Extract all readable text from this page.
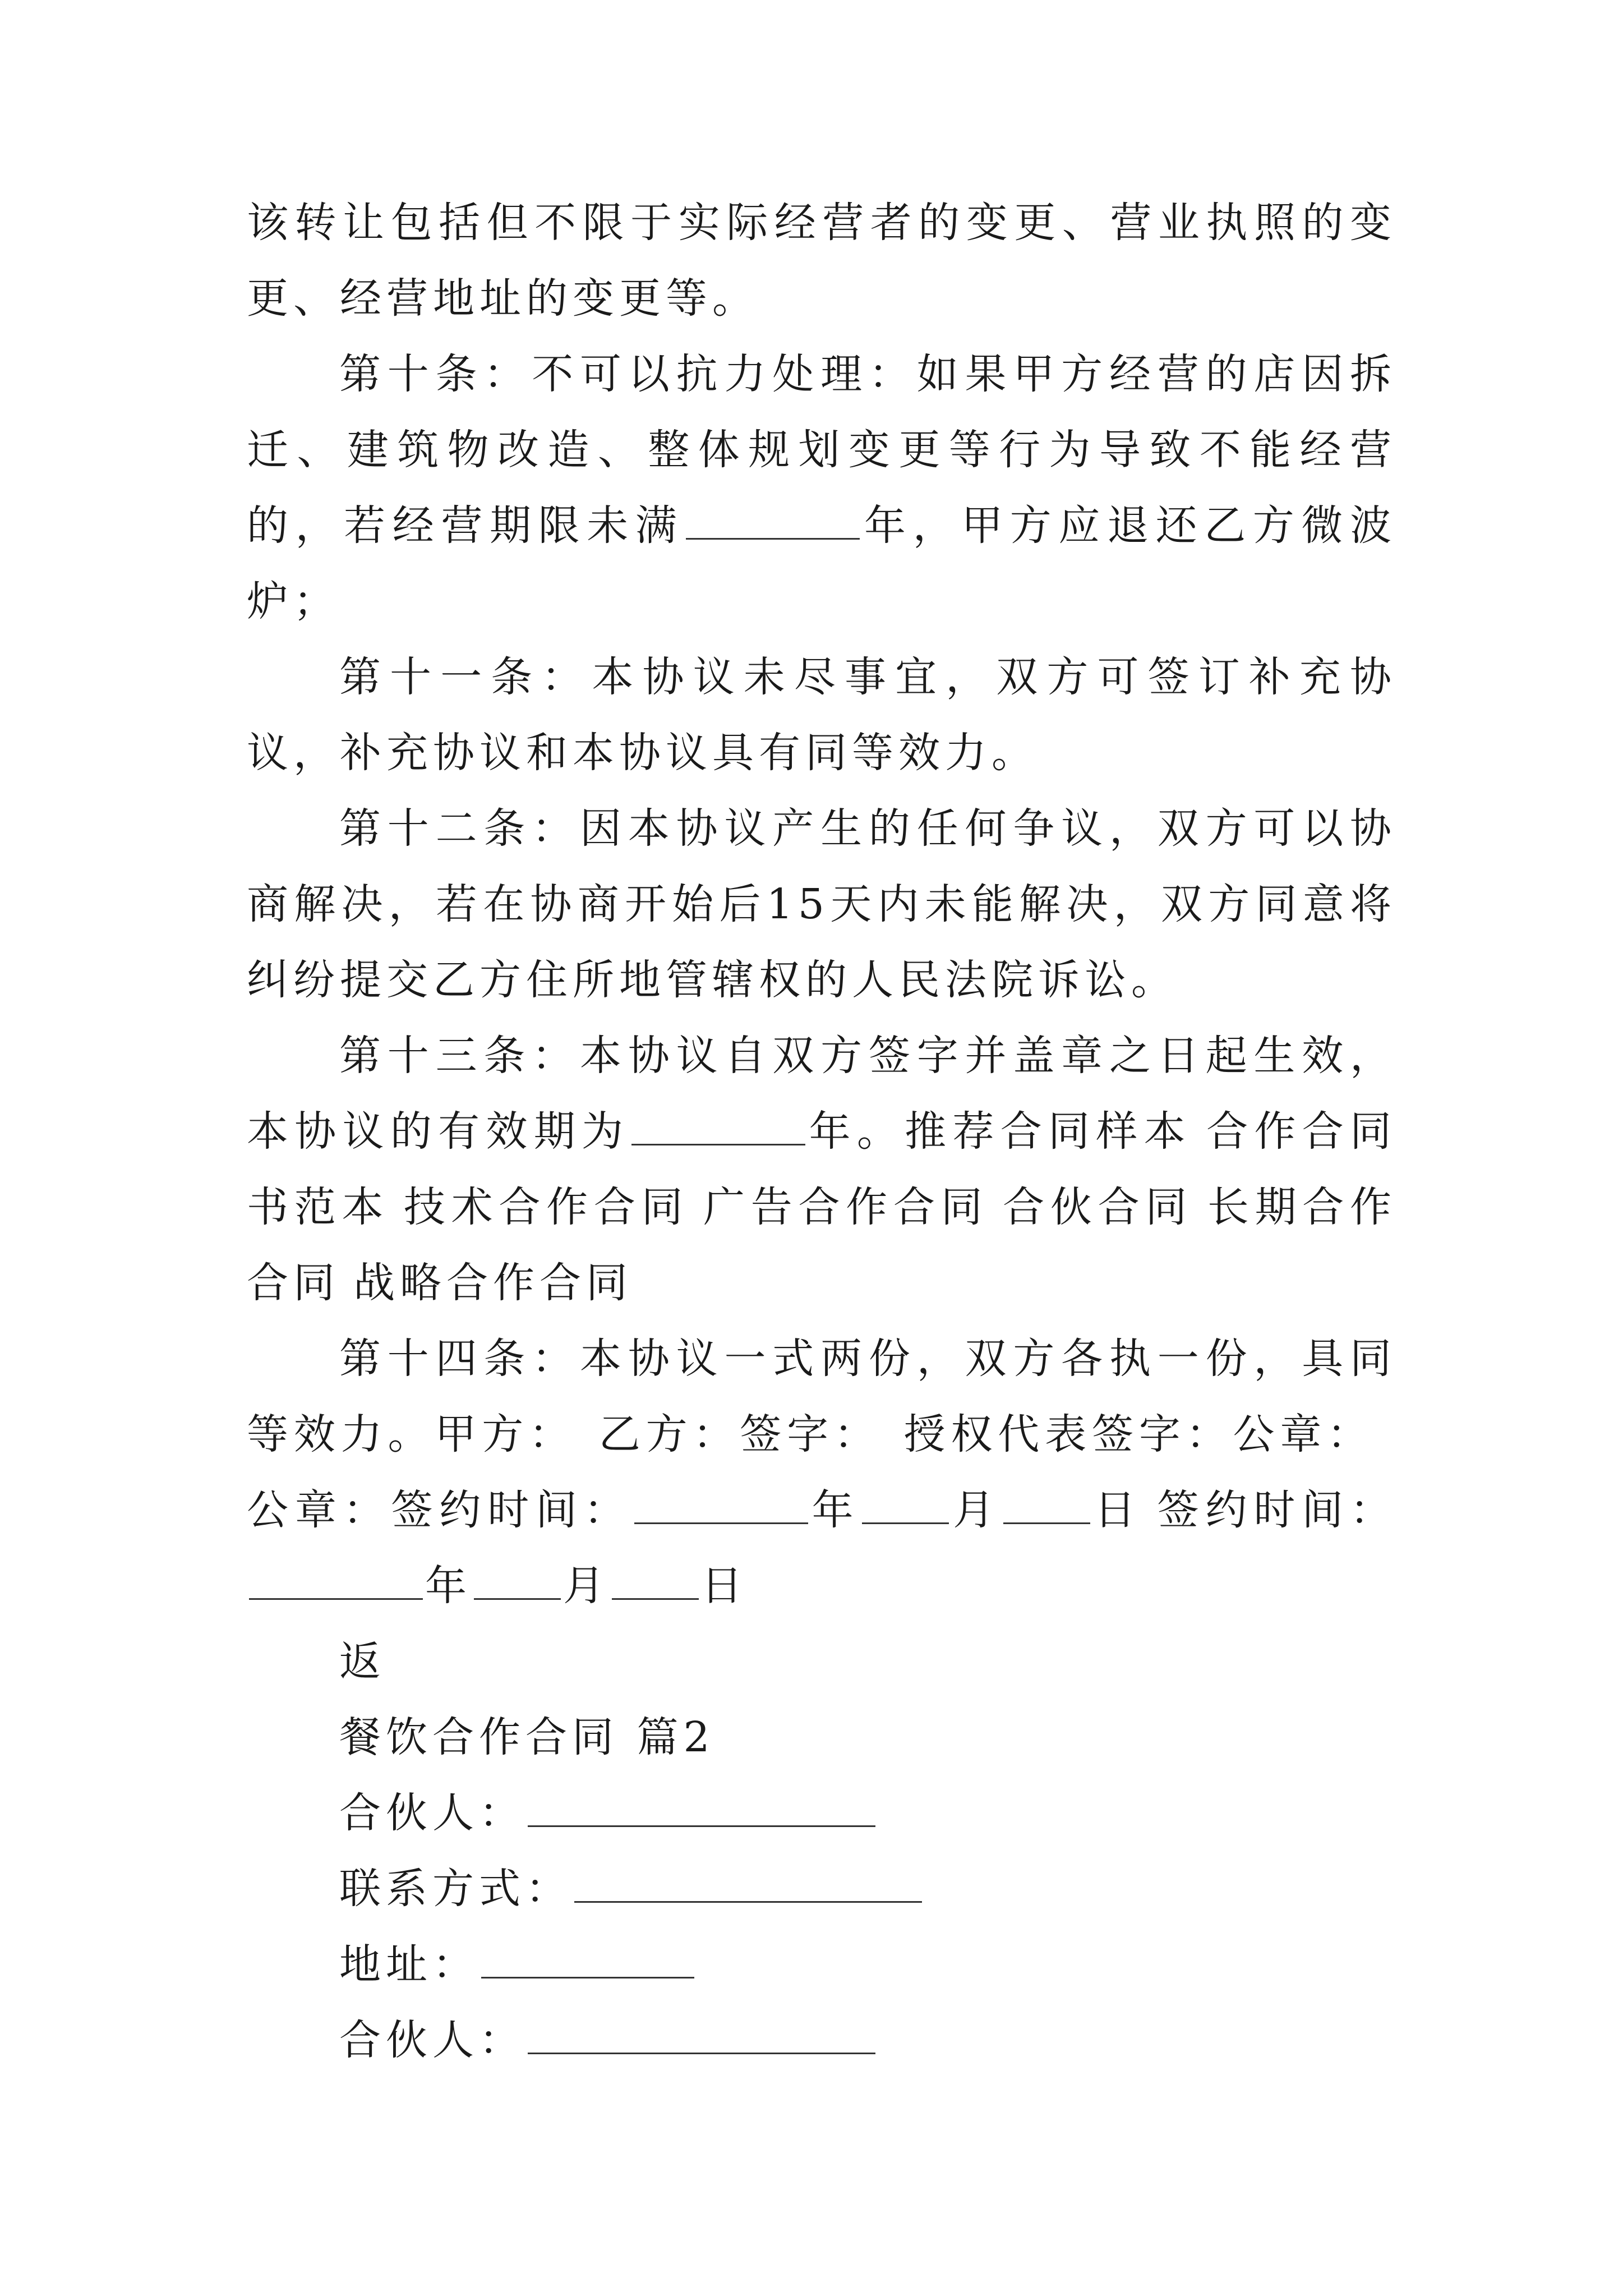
该转让包括但不限于实际经营者的变更、营业执照的变更、经营地址的变更等。

第十条：不可以抗力处理：如果甲方经营的店因拆迁、建筑物改造、整体规划变更等行为导致不能经营的，若经营期限未满	年，甲方应退还乙方微波炉；

第十一条：本协议未尽事宜，双方可签订补充协议，补充协议和本协议具有同等效力。

第十二条：因本协议产生的任何争议，双方可以协商解决，若在协商开始后15天内未能解决，双方同意将纠纷提交乙方住所地管辖权的人民法院诉讼。

第十三条：本协议自双方签字并盖章之日起生效，本协议的有效期为	年。推荐合同样本 合作合同书范本 技术合作合同 广告合作合同 合伙合同 长期合作合同 战略合作合同

第十四条：本协议一式两份，双方各执一份，具同等效力。甲方： 乙方：签字： 授权代表签字：公章：公章：签约时间：	年 月 日 签约时间：年 月 日

返

餐饮合作合同 篇2

合伙人：

联系方式：

地址：

合伙人：
